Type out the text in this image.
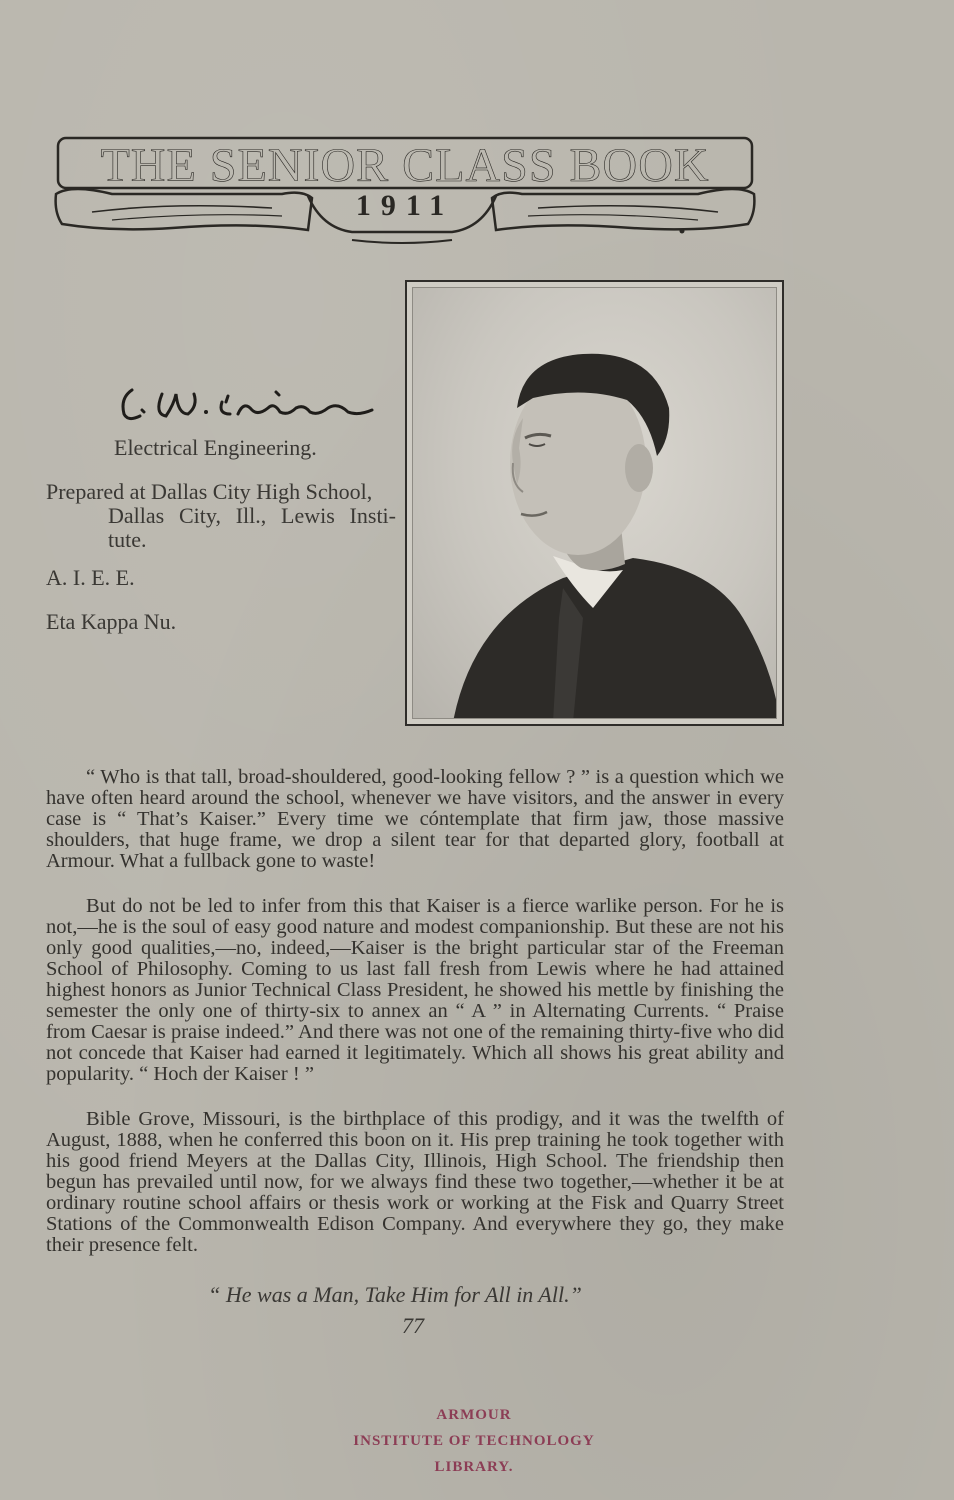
THE SENIOR CLASS BOOK
1911
Electrical Engineering.
Prepared at Dallas City High School,
Dallas City, Ill., Lewis Insti-
tute.
A. I. E. E.
Eta Kappa Nu.

“ Who is that tall, broad-shouldered, good-looking fellow ? ” is a question which we have often heard around the school, whenever we have visitors, and the answer in every case is “ That’s Kaiser.” Every time we cóntemplate that firm jaw, those massive shoulders, that huge frame, we drop a silent tear for that departed glory, football at Armour. What a fullback gone to waste!

But do not be led to infer from this that Kaiser is a fierce warlike person. For he is not,—he is the soul of easy good nature and modest companionship. But these are not his only good qualities,—no, indeed,—Kaiser is the bright particular star of the Freeman School of Philosophy. Coming to us last fall fresh from Lewis where he had attained highest honors as Junior Technical Class President, he showed his mettle by finishing the semester the only one of thirty-six to annex an “ A ” in Alternating Currents. “ Praise from Caesar is praise indeed.” And there was not one of the remaining thirty-five who did not concede that Kaiser had earned it legitimately. Which all shows his great ability and popularity. “ Hoch der Kaiser ! ”

Bible Grove, Missouri, is the birthplace of this prodigy, and it was the twelfth of August, 1888, when he conferred this boon on it. His prep training he took together with his good friend Meyers at the Dallas City, Illinois, High School. The friendship then begun has prevailed until now, for we always find these two together,—whether it be at ordinary routine school affairs or thesis work or working at the Fisk and Quarry Street Stations of the Commonwealth Edison Company. And everywhere they go, they make their presence felt.

“ He was a Man, Take Him for All in All.”
77
ARMOUR
INSTITUTE OF TECHNOLOGY
LIBRARY.
